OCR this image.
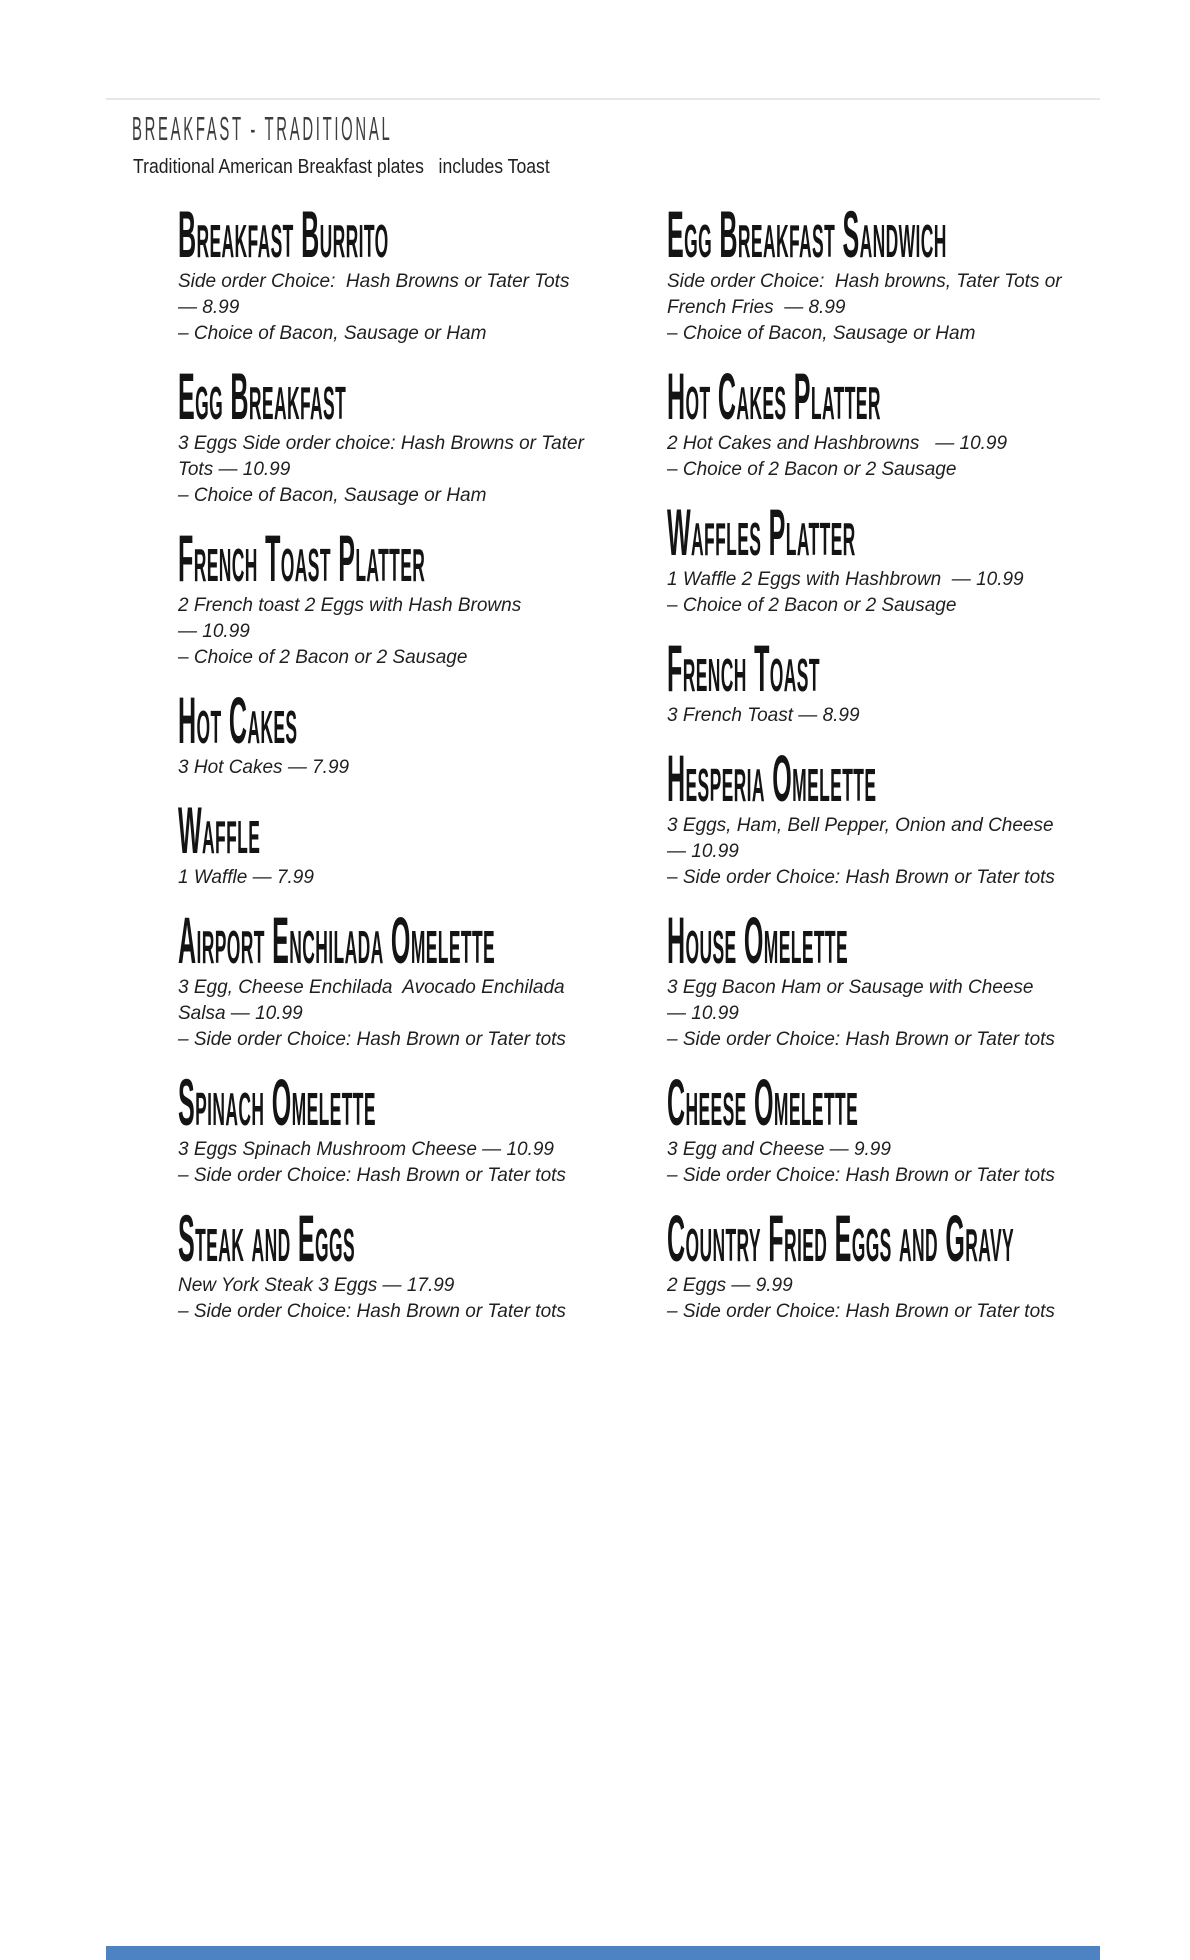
BREAKFAST - TRADITIONAL

Traditional American Breakfast plates   includes Toast

Breakfast Burrito

Side order Choice:  Hash Browns or Tater Tots — 8.99

– Choice of Bacon, Sausage or Ham

Egg Breakfast

3 Eggs Side order choice: Hash Browns or Tater Tots — 10.99

– Choice of Bacon, Sausage or Ham

French Toast Platter

2 French toast 2 Eggs with Hash Browns  — 10.99

– Choice of 2 Bacon or 2 Sausage

Hot Cakes

3 Hot Cakes — 7.99

Waffle

1 Waffle — 7.99

Airport Enchilada Omelette

3 Egg, Cheese Enchilada  Avocado Enchilada Salsa — 10.99

– Side order Choice: Hash Brown or Tater tots

Spinach Omelette

3 Eggs Spinach Mushroom Cheese — 10.99

– Side order Choice: Hash Brown or Tater tots

Steak and Eggs

New York Steak 3 Eggs — 17.99

– Side order Choice: Hash Brown or Tater tots

Egg Breakfast Sandwich

Side order Choice:  Hash browns, Tater Tots or French Fries  — 8.99

– Choice of Bacon, Sausage or Ham

Hot Cakes Platter

2 Hot Cakes and Hashbrowns   — 10.99

– Choice of 2 Bacon or 2 Sausage

Waffles Platter

1 Waffle 2 Eggs with Hashbrown  — 10.99

– Choice of 2 Bacon or 2 Sausage

French Toast

3 French Toast — 8.99

Hesperia Omelette

3 Eggs, Ham, Bell Pepper, Onion and Cheese — 10.99

– Side order Choice: Hash Brown or Tater tots

House Omelette

3 Egg Bacon Ham or Sausage with Cheese — 10.99

– Side order Choice: Hash Brown or Tater tots

Cheese Omelette

3 Egg and Cheese — 9.99

– Side order Choice: Hash Brown or Tater tots

Country Fried Eggs and Gravy

2 Eggs — 9.99

– Side order Choice: Hash Brown or Tater tots
